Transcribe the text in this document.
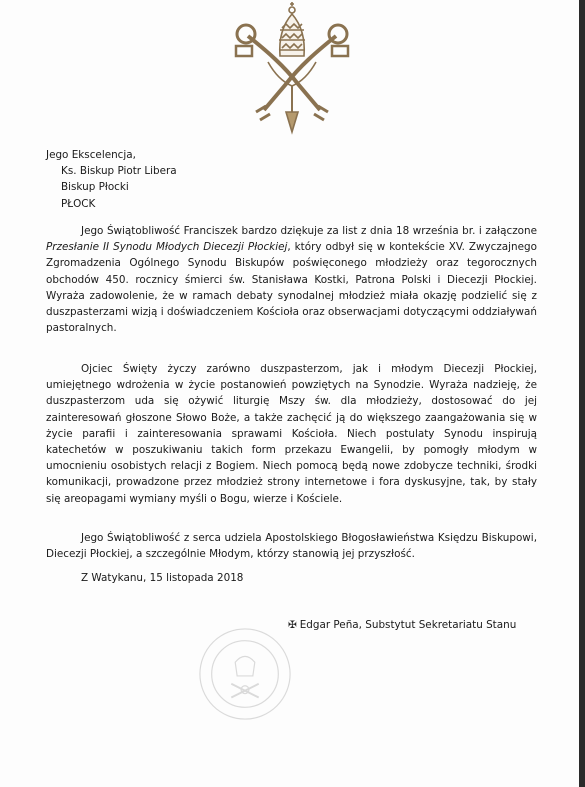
Jego Ekscelencja,
Ks. Biskup Piotr Libera
Biskup Płocki
PŁOCK
Jego Świątobliwość Franciszek bardzo dziękuje za list z dnia 18 września br. i załączone Przesłanie II Synodu Młodych Diecezji Płockiej, który odbył się w kontekście XV. Zwyczajnego Zgromadzenia Ogólnego Synodu Biskupów poświęconego młodzieży oraz tegorocznych obchodów 450. rocznicy śmierci św. Stanisława Kostki, Patrona Polski i Diecezji Płockiej. Wyraża zadowolenie, że w ramach debaty synodalnej młodzież miała okazję podzielić się z duszpasterzami wizją i doświadczeniem Kościoła oraz obserwacjami dotyczącymi oddziaływań pastoralnych.
Ojciec Święty życzy zarówno duszpasterzom, jak i młodym Diecezji Płockiej, umiejętnego wdrożenia w życie postanowień powziętych na Synodzie. Wyraża nadzieję, że duszpasterzom uda się ożywić liturgię Mszy św. dla młodzieży, dostosować do jej zainteresowań głoszone Słowo Boże, a także zachęcić ją do większego zaangażowania się w życie parafii i zainteresowania sprawami Kościoła. Niech postulaty Synodu inspirują katechetów w poszukiwaniu takich form przekazu Ewangelii, by pomogły młodym w umocnieniu osobistych relacji z Bogiem. Niech pomocą będą nowe zdobycze techniki, środki komunikacji, prowadzone przez młodzież strony internetowe i fora dyskusyjne, tak, by stały się areopagami wymiany myśli o Bogu, wierze i Kościele.
Jego Świątobliwość z serca udziela Apostolskiego Błogosławieństwa Księdzu Biskupowi, Diecezji Płockiej, a szczególnie Młodym, którzy stanowią jej przyszłość.
Z Watykanu, 15 listopada 2018
✠ Edgar Peña, Substytut Sekretariatu Stanu
